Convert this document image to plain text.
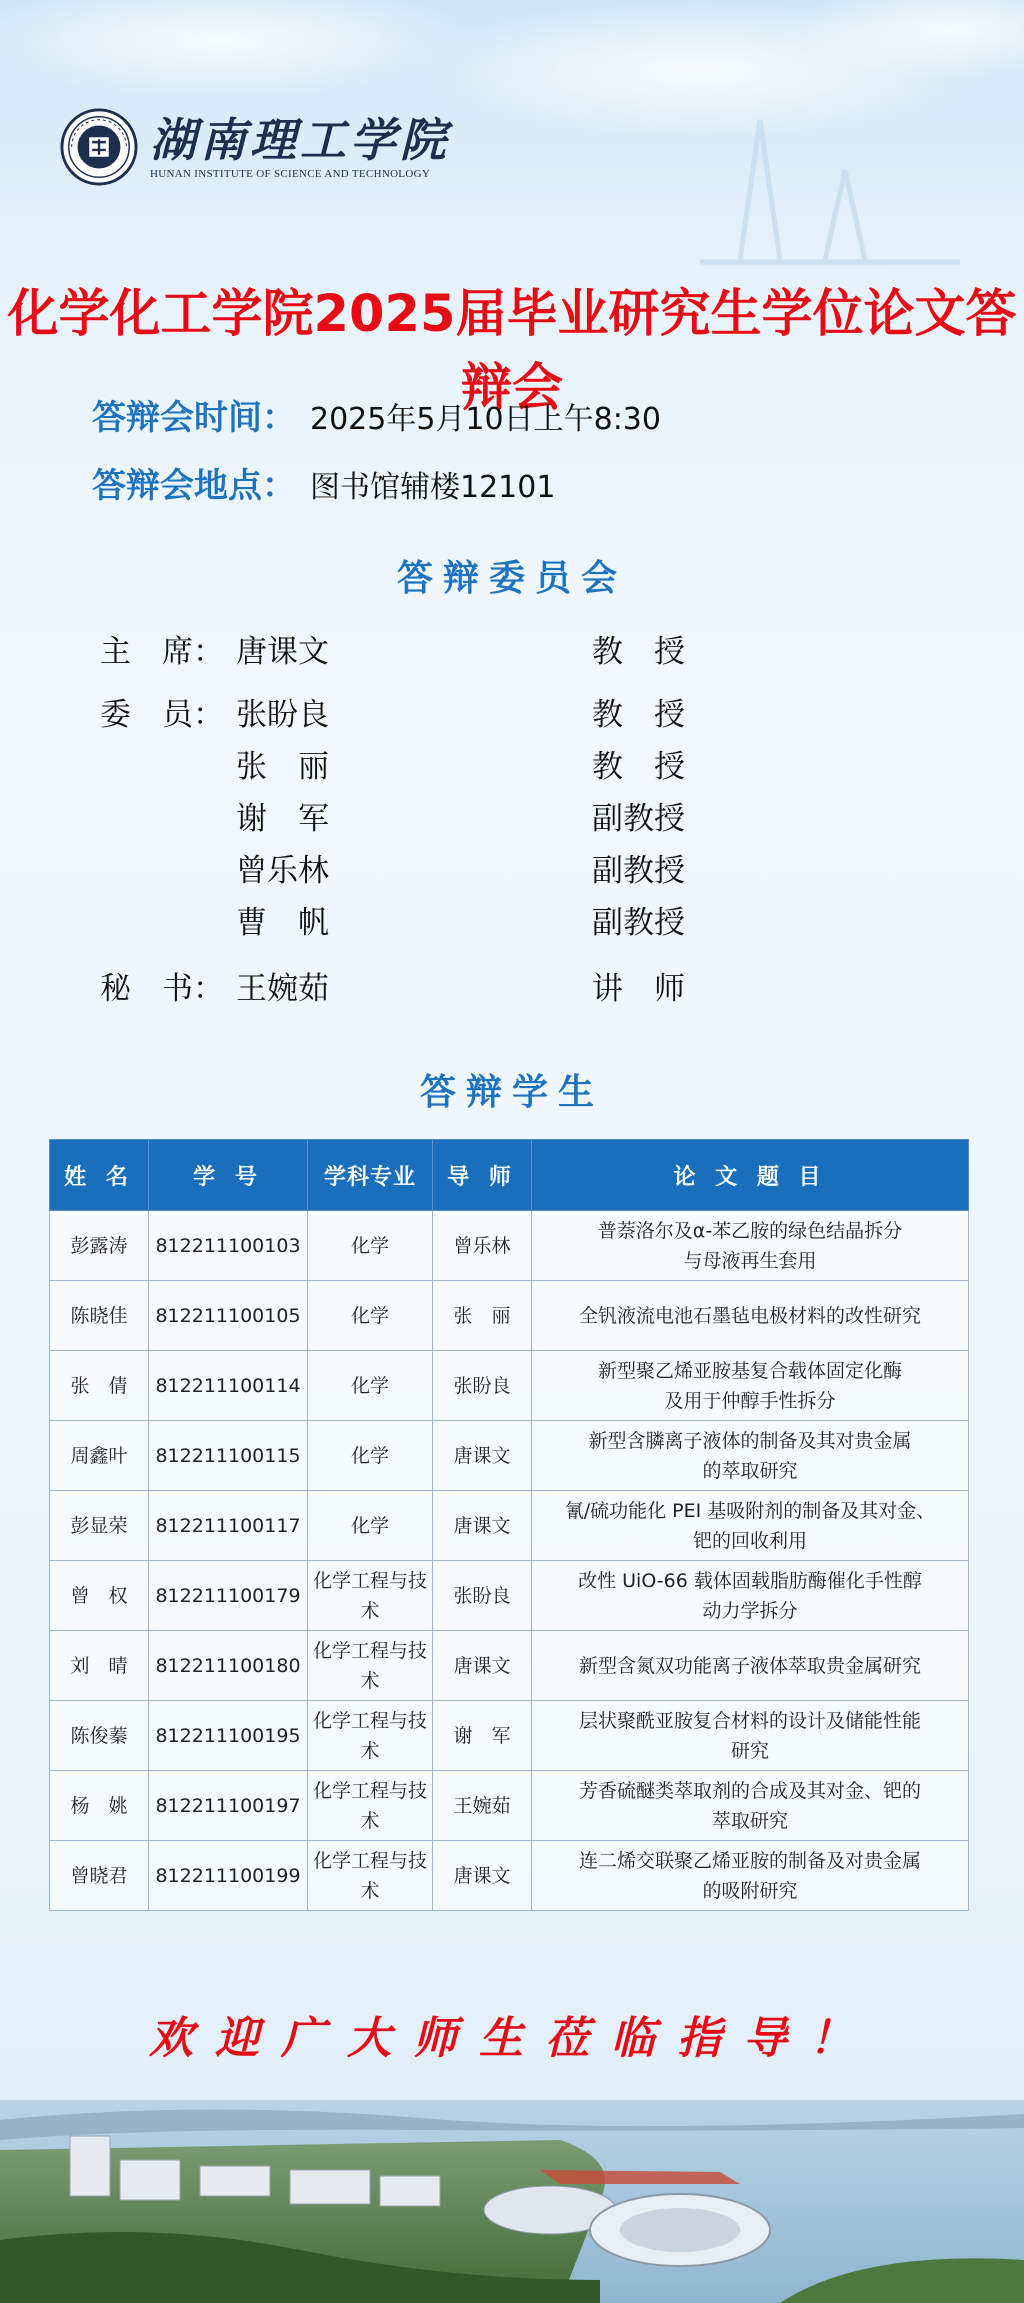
湖南理工学院
HUNAN INSTITUTE OF SCIENCE AND TECHNOLOGY
化学化工学院2025届毕业研究生学位论文答辩会
答辩会时间： 2025年5月10日上午8:30
答辩会地点： 图书馆辅楼12101
答辩委员会
主　席： 唐课文	教　授
委　员： 张盼良	教　授
张　丽	教　授
谢　军	副教授
曾乐林	副教授
曹　帆	副教授
秘　书： 王婉茹	讲　师
答辩学生
姓 名	学 号	学科专业	导 师	论 文 题 目
彭露涛	812211100103	化学	曾乐林	普萘洛尔及α-苯乙胺的绿色结晶拆分
与母液再生套用

陈晓佳	812211100105	化学	张　丽	全钒液流电池石墨毡电极材料的改性研究

张　倩	812211100114	化学	张盼良	新型聚乙烯亚胺基复合载体固定化酶
及用于仲醇手性拆分

周鑫叶	812211100115	化学	唐课文	新型含膦离子液体的制备及其对贵金属
的萃取研究

彭显荣	812211100117	化学	唐课文	氰/硫功能化 PEI 基吸附剂的制备及其对金、
钯的回收利用

曾　权	812211100179	化学工程与技术	张盼良	改性 UiO-66 载体固载脂肪酶催化手性醇
动力学拆分

刘　晴	812211100180	化学工程与技术	唐课文	新型含氮双功能离子液体萃取贵金属研究

陈俊蓁	812211100195	化学工程与技术	谢　军	层状聚酰亚胺复合材料的设计及储能性能
研究

杨　姚	812211100197	化学工程与技术	王婉茹	芳香硫醚类萃取剂的合成及其对金、钯的
萃取研究

曾晓君	812211100199	化学工程与技术	唐课文	连二烯交联聚乙烯亚胺的制备及对贵金属
的吸附研究
欢迎广大师生莅临指导！
